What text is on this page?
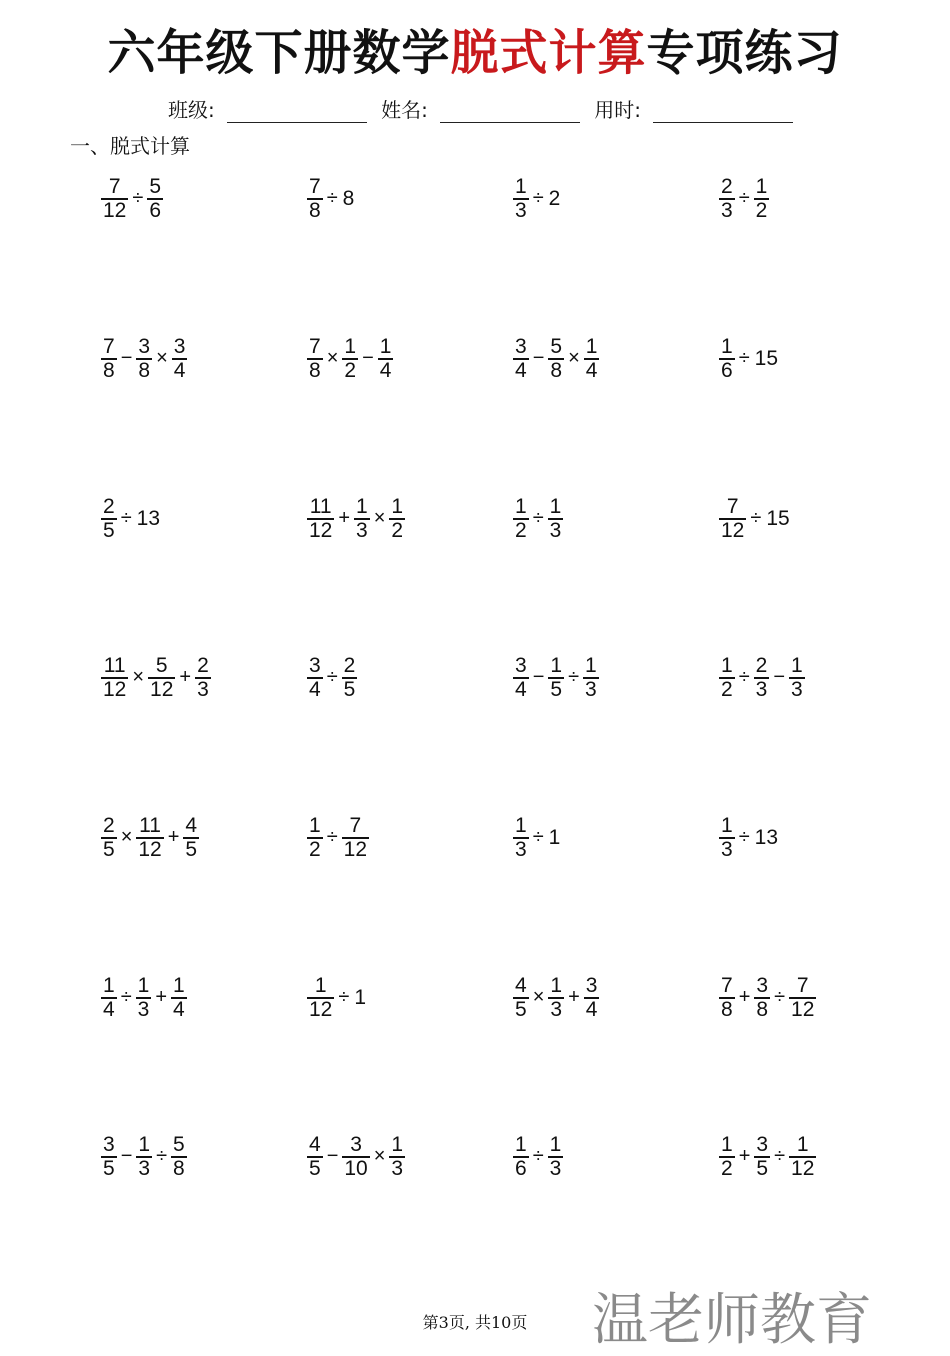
六年级下册数学脱式计算专项练习
班级:	姓名:	用时:
一、脱式计算
$\frac{7}{12} \div \frac{5}{6}$	$\frac{7}{8} \div 8$	$\frac{1}{3} \div 2$	$\frac{2}{3} \div \frac{1}{2}$
$\frac{7}{8} - \frac{3}{8} \times \frac{3}{4}$	$\frac{7}{8} \times \frac{1}{2} - \frac{1}{4}$	$\frac{3}{4} - \frac{5}{8} \times \frac{1}{4}$	$\frac{1}{6} \div 15$
$\frac{2}{5} \div 13$	$\frac{11}{12} + \frac{1}{3} \times \frac{1}{2}$	$\frac{1}{2} \div \frac{1}{3}$	$\frac{7}{12} \div 15$
$\frac{11}{12} \times \frac{5}{12} + \frac{2}{3}$	$\frac{3}{4} \div \frac{2}{5}$	$\frac{3}{4} - \frac{1}{5} \div \frac{1}{3}$	$\frac{1}{2} \div \frac{2}{3} - \frac{1}{3}$
$\frac{2}{5} \times \frac{11}{12} + \frac{4}{5}$	$\frac{1}{2} \div \frac{7}{12}$	$\frac{1}{3} \div 1$	$\frac{1}{3} \div 13$
$\frac{1}{4} \div \frac{1}{3} + \frac{1}{4}$	$\frac{1}{12} \div 1$	$\frac{4}{5} \times \frac{1}{3} + \frac{3}{4}$	$\frac{7}{8} + \frac{3}{8} \div \frac{7}{12}$
$\frac{3}{5} - \frac{1}{3} \div \frac{5}{8}$	$\frac{4}{5} - \frac{3}{10} \times \frac{1}{3}$	$\frac{1}{6} \div \frac{1}{3}$	$\frac{1}{2} + \frac{3}{5} \div \frac{1}{12}$
第3页, 共10页	温老师教育
